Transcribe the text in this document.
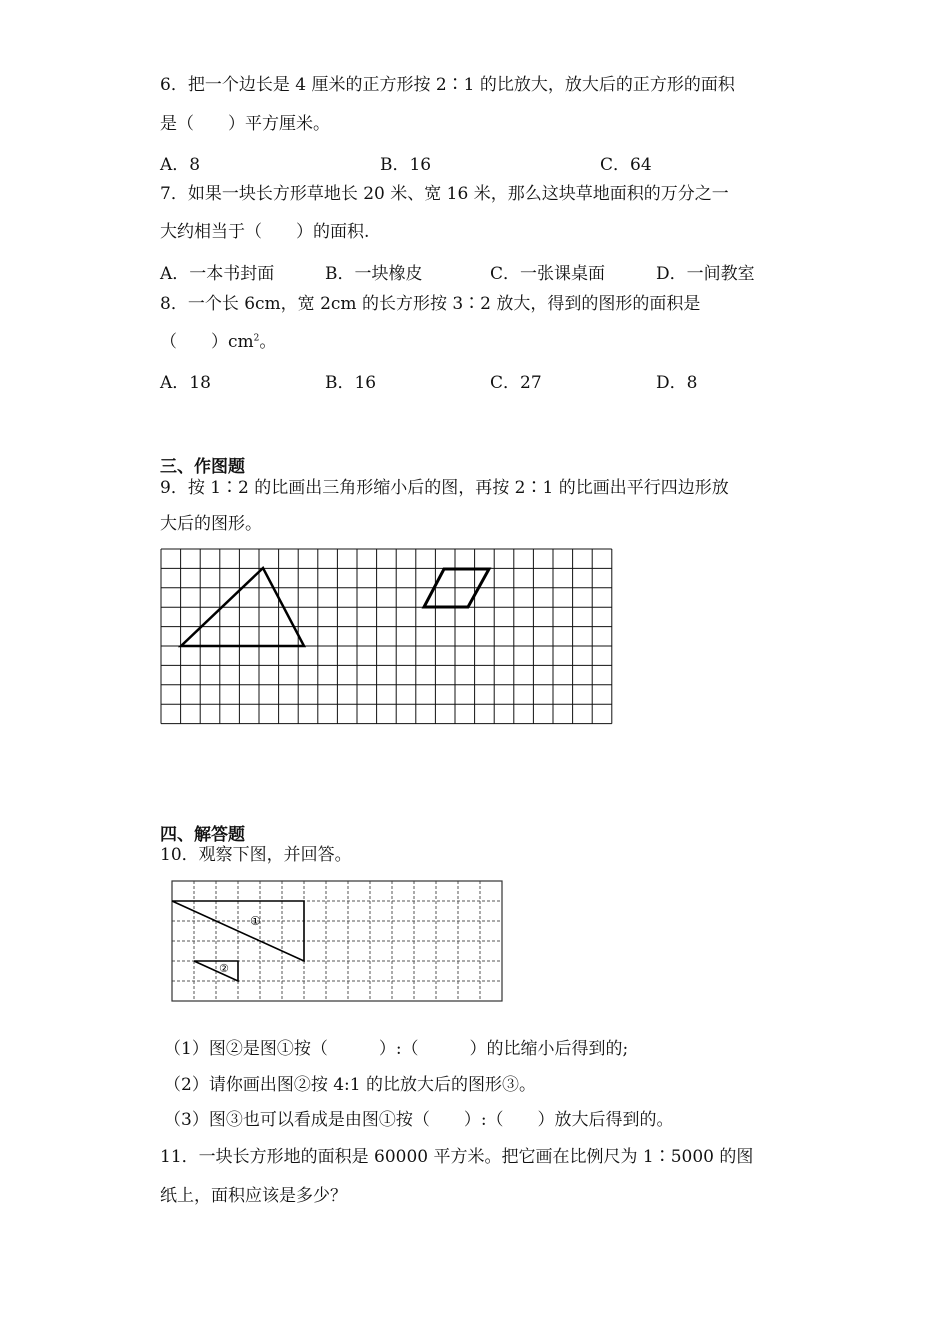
6．把一个边长是 4 厘米的正方形按 2∶1 的比放大，放大后的正方形的面积
是（　　）平方厘米。
A．8	B．16	C．64
7．如果一块长方形草地长 20 米、宽 16 米，那么这块草地面积的万分之一
大约相当于（　　）的面积.
A．一本书封面	B．一块橡皮	C．一张课桌面	D．一间教室
8．一个长 6cm，宽 2cm 的长方形按 3∶2 放大，得到的图形的面积是
（　　）$cm^2$。
A．18	B．16	C．27	D．8
三、作图题
9．按 1∶2 的比画出三角形缩小后的图，再按 2∶1 的比画出平行四边形放
大后的图形。
四、解答题
10．观察下图，并回答。
①
②
（1）图②是图①按（　　　）:（　　　）的比缩小后得到的;
（2）请你画出图②按 4:1 的比放大后的图形③。
（3）图③也可以看成是由图①按（　　）:（　　）放大后得到的。
11．一块长方形地的面积是 60000 平方米。把它画在比例尺为 1∶5000 的图
纸上，面积应该是多少？
